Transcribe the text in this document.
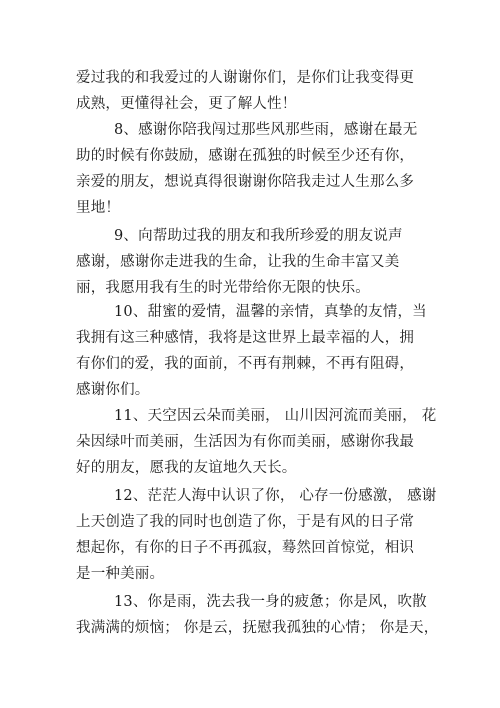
爱过我的和我爱过的人谢谢你们，是你们让我变得更
成熟，更懂得社会，更了解人性！
8、感谢你陪我闯过那些风那些雨，感谢在最无
助的时候有你鼓励，感谢在孤独的时候至少还有你，
亲爱的朋友，想说真得很谢谢你陪我走过人生那么多
里地！
9、向帮助过我的朋友和我所珍爱的朋友说声
感谢，感谢你走进我的生命，让我的生命丰富又美
丽，我愿用我有生的时光带给你无限的快乐。
10、甜蜜的爱情，温馨的亲情，真挚的友情，当
我拥有这三种感情，我将是这世界上最幸福的人，拥
有你们的爱，我的面前，不再有荆棘，不再有阻碍，
感谢你们。
11、天空因云朵而美丽， 山川因河流而美丽， 花
朵因绿叶而美丽，生活因为有你而美丽，感谢你我最
好的朋友，愿我的友谊地久天长。
12、茫茫人海中认识了你， 心存一份感激， 感谢
上天创造了我的同时也创造了你，于是有风的日子常
想起你，有你的日子不再孤寂，蓦然回首惊觉，相识
是一种美丽。
13、你是雨，洗去我一身的疲惫；你是风，吹散
我满满的烦恼； 你是云，抚慰我孤独的心情； 你是天，
